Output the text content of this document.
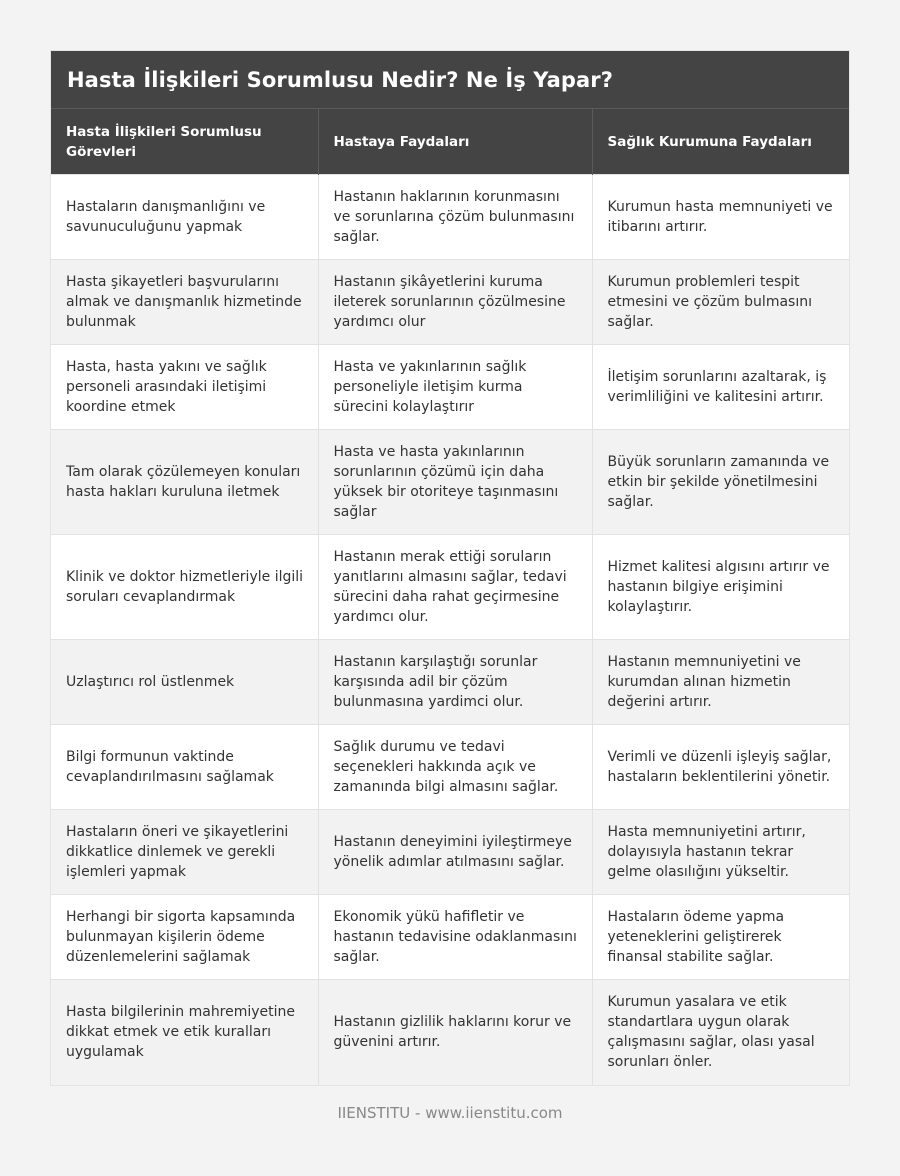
Hasta İlişkileri Sorumlusu Nedir? Ne İş Yapar?
Hasta İlişkileri Sorumlusu Görevleri	Hastaya Faydaları	Sağlık Kurumuna Faydaları
Hastaların danışmanlığını ve savunuculuğunu yapmak	Hastanın haklarının korunmasını ve sorunlarına çözüm bulunmasını sağlar.	Kurumun hasta memnuniyeti ve itibarını artırır.
Hasta şikayetleri başvurularını almak ve danışmanlık hizmetinde bulunmak	Hastanın şikâyetlerini kuruma ileterek sorunlarının çözülmesine yardımcı olur	Kurumun problemleri tespit etmesini ve çözüm bulmasını sağlar.
Hasta, hasta yakını ve sağlık personeli arasındaki iletişimi koordine etmek	Hasta ve yakınlarının sağlık personeliyle iletişim kurma sürecini kolaylaştırır	İletişim sorunlarını azaltarak, iş verimliliğini ve kalitesini artırır.
Tam olarak çözülemeyen konuları hasta hakları kuruluna iletmek	Hasta ve hasta yakınlarının sorunlarının çözümü için daha yüksek bir otoriteye taşınmasını sağlar	Büyük sorunların zamanında ve etkin bir şekilde yönetilmesini sağlar.
Klinik ve doktor hizmetleriyle ilgili soruları cevaplandırmak	Hastanın merak ettiği soruların yanıtlarını almasını sağlar, tedavi sürecini daha rahat geçirmesine yardımcı olur.	Hizmet kalitesi algısını artırır ve hastanın bilgiye erişimini kolaylaştırır.
Uzlaştırıcı rol üstlenmek	Hastanın karşılaştığı sorunlar karşısında adil bir çözüm bulunmasına yardimci olur.	Hastanın memnuniyetini ve kurumdan alınan hizmetin değerini artırır.
Bilgi formunun vaktinde cevaplandırılmasını sağlamak	Sağlık durumu ve tedavi seçenekleri hakkında açık ve zamanında bilgi almasını sağlar.	Verimli ve düzenli işleyiş sağlar, hastaların beklentilerini yönetir.
Hastaların öneri ve şikayetlerini dikkatlice dinlemek ve gerekli işlemleri yapmak	Hastanın deneyimini iyileştirmeye yönelik adımlar atılmasını sağlar.	Hasta memnuniyetini artırır, dolayısıyla hastanın tekrar gelme olasılığını yükseltir.
Herhangi bir sigorta kapsamında bulunmayan kişilerin ödeme düzenlemelerini sağlamak	Ekonomik yükü hafifletir ve hastanın tedavisine odaklanmasını sağlar.	Hastaların ödeme yapma yeteneklerini geliştirerek finansal stabilite sağlar.
Hasta bilgilerinin mahremiyetine dikkat etmek ve etik kuralları uygulamak	Hastanın gizlilik haklarını korur ve güvenini artırır.	Kurumun yasalara ve etik standartlara uygun olarak çalışmasını sağlar, olası yasal sorunları önler.
IIENSTITU - www.iienstitu.com
